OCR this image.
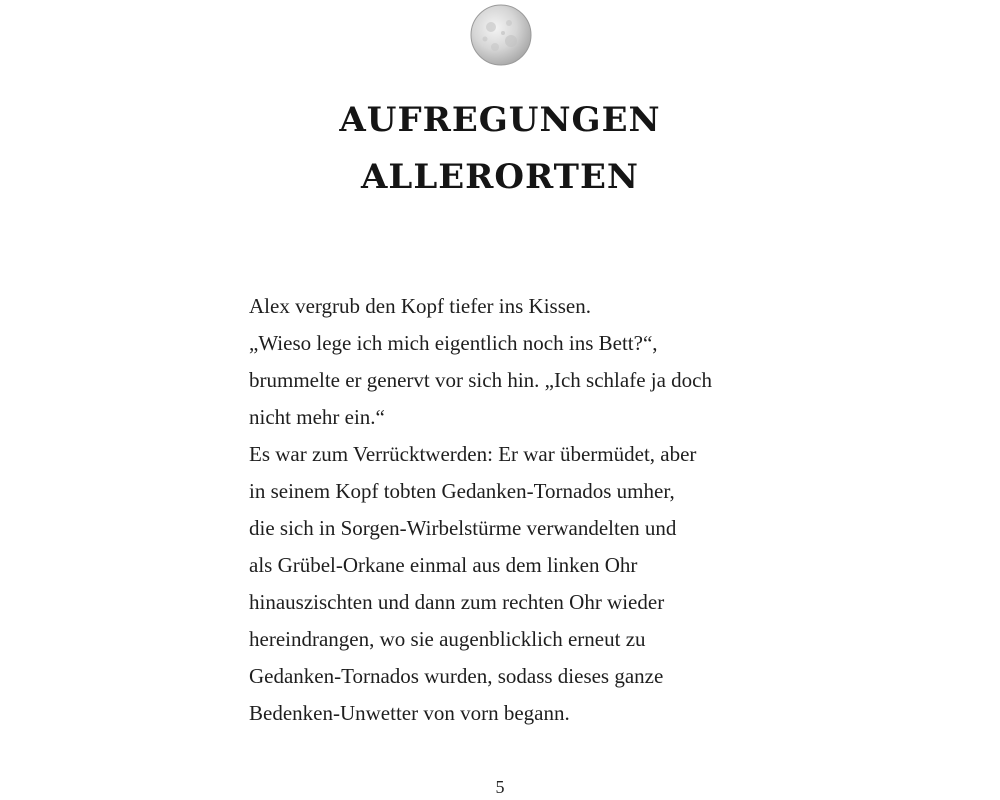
AUFREGUNGEN
ALLERORTEN
Alex vergrub den Kopf tiefer ins Kissen.
„Wieso lege ich mich eigentlich noch ins Bett?“,
brummelte er genervt vor sich hin. „Ich schlafe ja doch
nicht mehr ein.“
Es war zum Verrücktwerden: Er war übermüdet, aber
in seinem Kopf tobten Gedanken-Tornados umher,
die sich in Sorgen-Wirbelstürme verwandelten und
als Grübel-Orkane einmal aus dem linken Ohr
hinauszischten und dann zum rechten Ohr wieder
hereindrangen, wo sie augenblicklich erneut zu
Gedanken-Tornados wurden, sodass dieses ganze
Bedenken-Unwetter von vorn begann.
5
